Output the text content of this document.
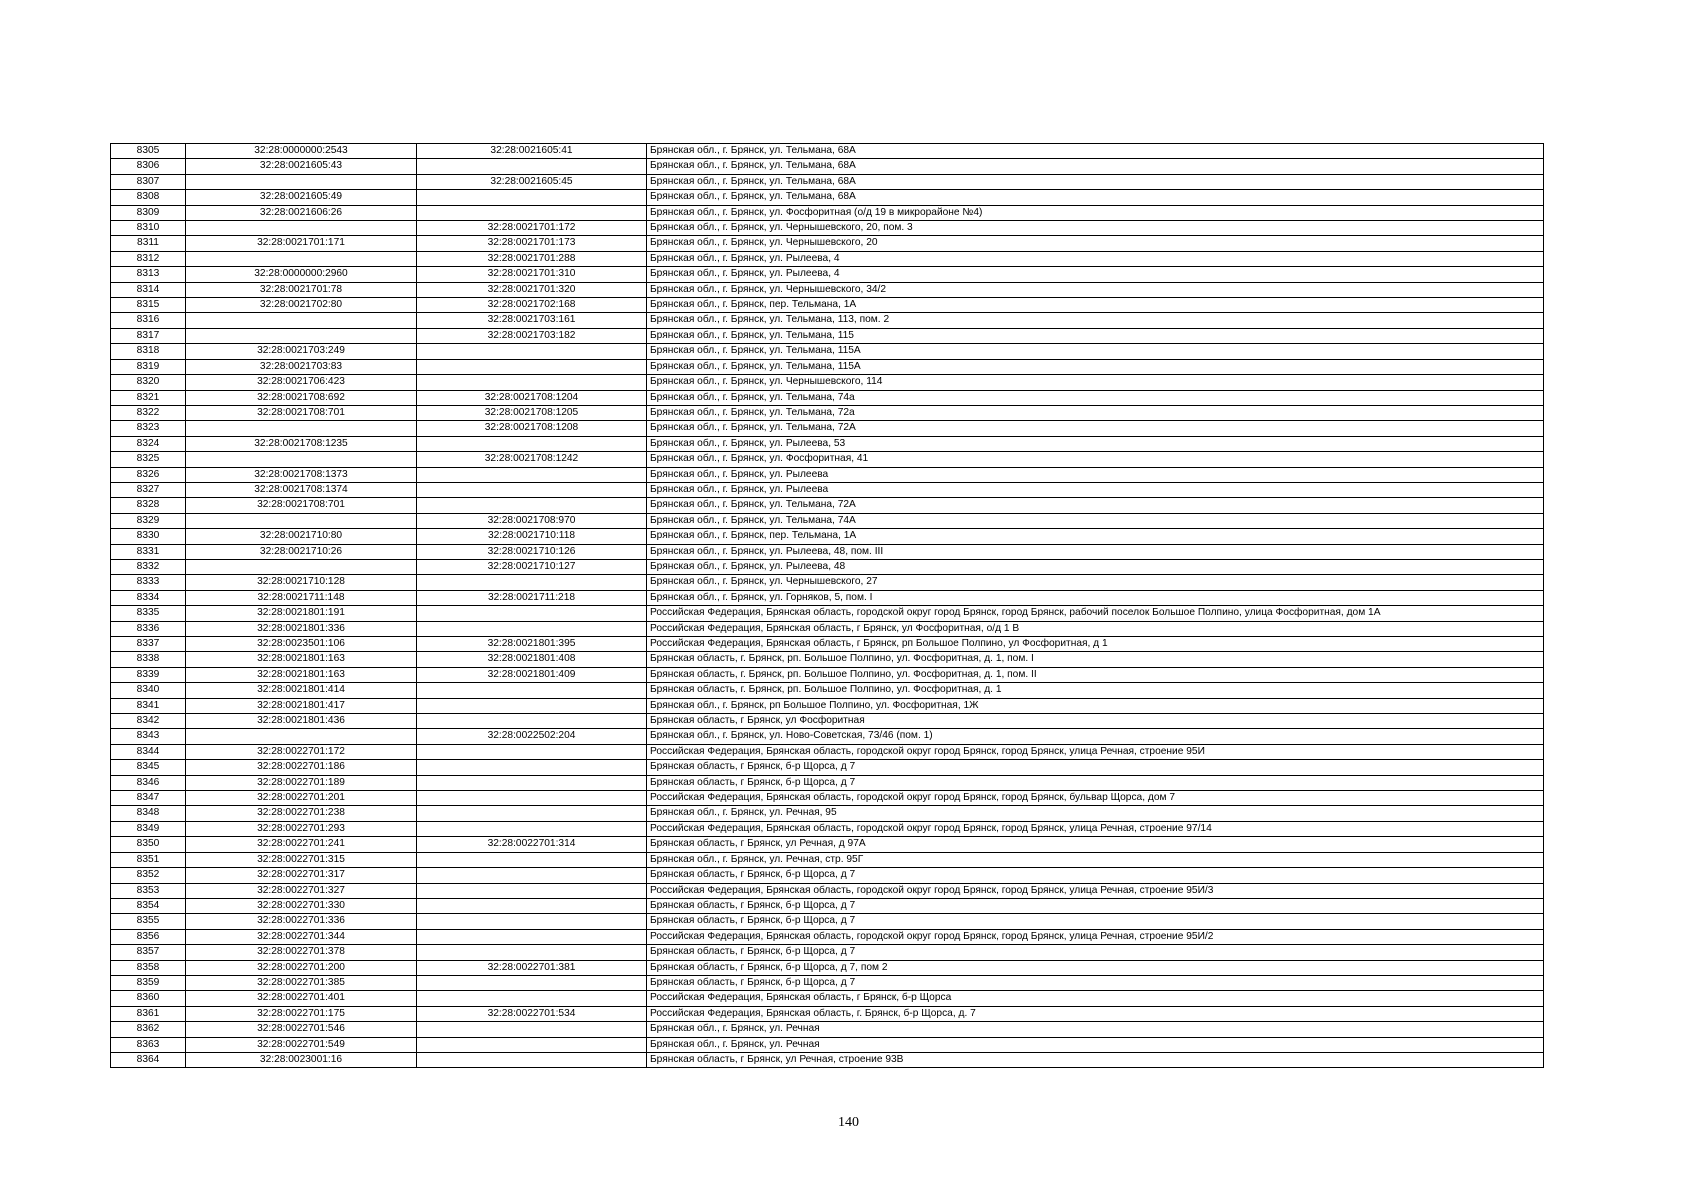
8305	32:28:0000000:2543	32:28:0021605:41	Брянская обл., г. Брянск, ул. Тельмана, 68А
8306	32:28:0021605:43		Брянская обл., г. Брянск, ул. Тельмана, 68А
8307		32:28:0021605:45	Брянская обл., г. Брянск, ул. Тельмана, 68А
8308	32:28:0021605:49		Брянская обл., г. Брянск, ул. Тельмана, 68А
8309	32:28:0021606:26		Брянская обл., г. Брянск, ул. Фосфоритная (о/д 19 в микрорайоне №4)
8310		32:28:0021701:172	Брянская обл., г. Брянск, ул. Чернышевского, 20, пом. 3
8311	32:28:0021701:171	32:28:0021701:173	Брянская обл., г. Брянск, ул. Чернышевского, 20
8312		32:28:0021701:288	Брянская обл., г. Брянск, ул. Рылеева, 4
8313	32:28:0000000:2960	32:28:0021701:310	Брянская обл., г. Брянск, ул. Рылеева, 4
8314	32:28:0021701:78	32:28:0021701:320	Брянская обл., г. Брянск, ул. Чернышевского, 34/2
8315	32:28:0021702:80	32:28:0021702:168	Брянская обл., г. Брянск, пер. Тельмана, 1А
8316		32:28:0021703:161	Брянская обл., г. Брянск, ул. Тельмана, 113, пом. 2
8317		32:28:0021703:182	Брянская обл., г. Брянск, ул. Тельмана, 115
8318	32:28:0021703:249		Брянская обл., г. Брянск, ул. Тельмана, 115А
8319	32:28:0021703:83		Брянская обл., г. Брянск, ул. Тельмана, 115А
8320	32:28:0021706:423		Брянская обл., г. Брянск, ул. Чернышевского, 114
8321	32:28:0021708:692	32:28:0021708:1204	Брянская обл., г. Брянск, ул. Тельмана, 74а
8322	32:28:0021708:701	32:28:0021708:1205	Брянская обл., г. Брянск, ул. Тельмана, 72а
8323		32:28:0021708:1208	Брянская обл., г. Брянск, ул. Тельмана, 72А
8324	32:28:0021708:1235		Брянская обл., г. Брянск, ул. Рылеева, 53
8325		32:28:0021708:1242	Брянская обл., г. Брянск, ул. Фосфоритная, 41
8326	32:28:0021708:1373		Брянская обл., г. Брянск, ул. Рылеева
8327	32:28:0021708:1374		Брянская обл., г. Брянск, ул. Рылеева
8328	32:28:0021708:701		Брянская обл., г. Брянск, ул. Тельмана, 72А
8329		32:28:0021708:970	Брянская обл., г. Брянск, ул. Тельмана, 74А
8330	32:28:0021710:80	32:28:0021710:118	Брянская обл., г. Брянск, пер. Тельмана, 1А
8331	32:28:0021710:26	32:28:0021710:126	Брянская обл., г. Брянск, ул. Рылеева, 48, пом. III
8332		32:28:0021710:127	Брянская обл., г. Брянск, ул. Рылеева, 48
8333	32:28:0021710:128		Брянская обл., г. Брянск, ул. Чернышевского, 27
8334	32:28:0021711:148	32:28:0021711:218	Брянская обл., г. Брянск, ул. Горняков, 5, пом. I
8335	32:28:0021801:191		Российская Федерация, Брянская область, городской округ город Брянск, город Брянск, рабочий поселок Большое Полпино, улица Фосфоритная, дом 1А
8336	32:28:0021801:336		Российская Федерация, Брянская область, г Брянск, ул Фосфоритная, о/д 1 В
8337	32:28:0023501:106	32:28:0021801:395	Российская Федерация, Брянская область, г Брянск, рп Большое Полпино, ул Фосфоритная, д 1
8338	32:28:0021801:163	32:28:0021801:408	Брянская область, г. Брянск, рп. Большое Полпино, ул. Фосфоритная, д. 1, пом. I
8339	32:28:0021801:163	32:28:0021801:409	Брянская область, г. Брянск, рп. Большое Полпино, ул. Фосфоритная, д. 1, пом. II
8340	32:28:0021801:414		Брянская область, г. Брянск, рп. Большое Полпино, ул. Фосфоритная, д. 1
8341	32:28:0021801:417		Брянская обл., г. Брянск, рп Большое Полпино, ул. Фосфоритная, 1Ж
8342	32:28:0021801:436		Брянская область, г Брянск, ул Фосфоритная
8343		32:28:0022502:204	Брянская обл., г. Брянск, ул. Ново-Советская, 73/46 (пом. 1)
8344	32:28:0022701:172		Российская Федерация, Брянская область, городской округ город Брянск, город Брянск, улица Речная, строение 95И
8345	32:28:0022701:186		Брянская область, г Брянск, б-р Щорса, д 7
8346	32:28:0022701:189		Брянская область, г Брянск, б-р Щорса, д 7
8347	32:28:0022701:201		Российская Федерация, Брянская область, городской округ город Брянск, город Брянск, бульвар Щорса, дом 7
8348	32:28:0022701:238		Брянская обл., г. Брянск, ул. Речная, 95
8349	32:28:0022701:293		Российская Федерация, Брянская область, городской округ город Брянск, город Брянск, улица Речная, строение 97/14
8350	32:28:0022701:241	32:28:0022701:314	Брянская область, г Брянск, ул Речная, д 97А
8351	32:28:0022701:315		Брянская обл., г. Брянск, ул. Речная, стр. 95Г
8352	32:28:0022701:317		Брянская область, г Брянск, б-р Щорса, д 7
8353	32:28:0022701:327		Российская Федерация, Брянская область, городской округ город Брянск, город Брянск, улица Речная, строение 95И/3
8354	32:28:0022701:330		Брянская область, г Брянск, б-р Щорса, д 7
8355	32:28:0022701:336		Брянская область, г Брянск, б-р Щорса, д 7
8356	32:28:0022701:344		Российская Федерация, Брянская область, городской округ город Брянск, город Брянск, улица Речная, строение 95И/2
8357	32:28:0022701:378		Брянская область, г Брянск, б-р Щорса, д 7
8358	32:28:0022701:200	32:28:0022701:381	Брянская область, г Брянск, б-р Щорса, д 7, пом 2
8359	32:28:0022701:385		Брянская область, г Брянск, б-р Щорса, д 7
8360	32:28:0022701:401		Российская Федерация, Брянская область, г Брянск, б-р Щорса
8361	32:28:0022701:175	32:28:0022701:534	Российская Федерация, Брянская область, г. Брянск, б-р Щорса, д. 7
8362	32:28:0022701:546		Брянская обл., г. Брянск, ул. Речная
8363	32:28:0022701:549		Брянская обл., г. Брянск, ул. Речная
8364	32:28:0023001:16		Брянская область, г Брянск, ул Речная, строение 93В
140
